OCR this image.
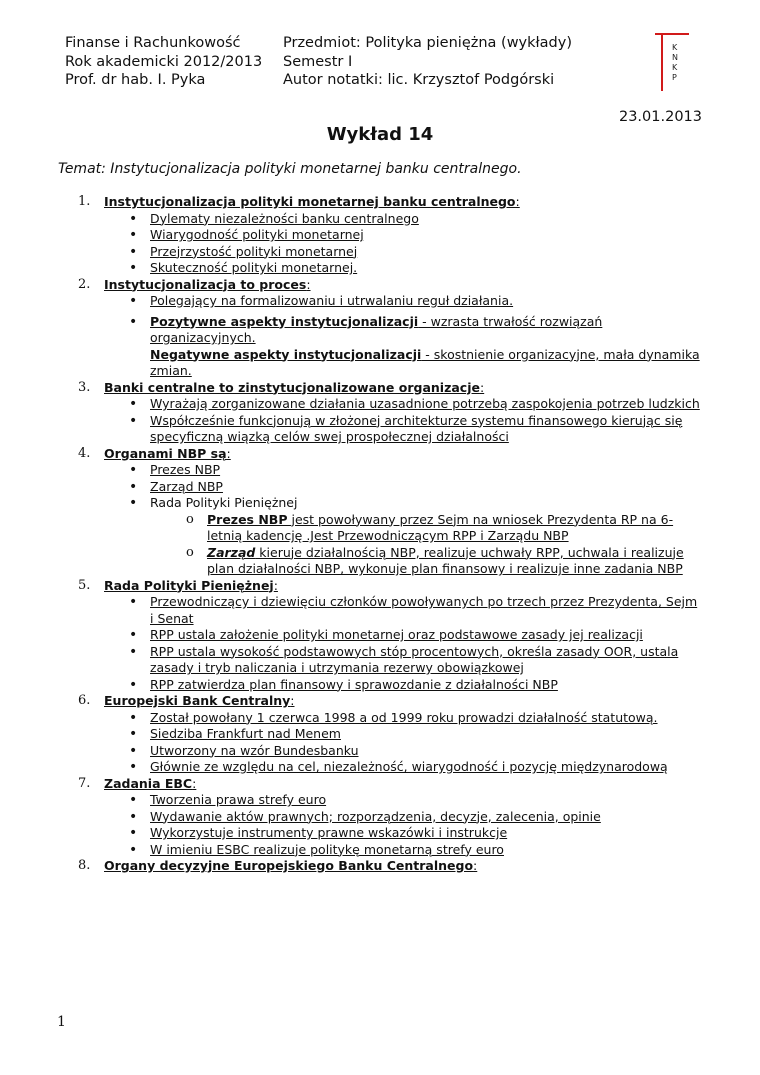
Finanse i Rachunkowość
Rok akademicki 2012/2013
Prof. dr hab. I. Pyka
Przedmiot: Polityka pieniężna (wykłady)
Semestr I
Autor notatki: lic. Krzysztof Podgórski
K
N
K
P
23.01.2013
Wykład 14
Temat: Instytucjonalizacja polityki monetarnej banku centralnego.
1. Instytucjonalizacja polityki monetarnej banku centralnego:
• Dylematy niezależności banku centralnego
• Wiarygodność polityki monetarnej
• Przejrzystość polityki monetarnej
• Skuteczność polityki monetarnej.
2. Instytucjonalizacja to proces:
• Polegający na formalizowaniu i utrwalaniu reguł działania.
• Pozytywne aspekty instytucjonalizacji - wzrasta trwałość rozwiązań organizacyjnych.
Negatywne aspekty instytucjonalizacji - skostnienie organizacyjne, mała dynamika zmian.
3. Banki centralne to zinstytucjonalizowane organizacje:
• Wyrażają zorganizowane działania uzasadnione potrzebą zaspokojenia potrzeb ludzkich
• Współcześnie funkcjonują w złożonej architekturze systemu finansowego kierując się specyficzną wiązką celów swej prospołecznej działalności
4. Organami NBP są:
• Prezes NBP
• Zarząd NBP
• Rada Polityki Pieniężnej
o Prezes NBP jest powoływany przez Sejm na wniosek Prezydenta RP na 6-letnią kadencję .Jest Przewodniczącym RPP i Zarządu NBP
o Zarząd kieruje działalnością NBP, realizuje uchwały RPP, uchwala i realizuje plan działalności NBP, wykonuje plan finansowy i realizuje inne zadania NBP
5. Rada Polityki Pieniężnej:
• Przewodniczący i dziewięciu członków powoływanych po trzech przez Prezydenta, Sejm i Senat
• RPP ustala założenie polityki monetarnej oraz podstawowe zasady jej realizacji
• RPP ustala wysokość podstawowych stóp procentowych, określa zasady OOR, ustala zasady i tryb naliczania i utrzymania rezerwy obowiązkowej
• RPP zatwierdza plan finansowy i sprawozdanie z działalności NBP
6. Europejski Bank Centralny:
• Został powołany 1 czerwca 1998 a od 1999 roku prowadzi działalność statutową.
• Siedziba Frankfurt nad Menem
• Utworzony na wzór Bundesbanku
• Głównie ze względu na cel, niezależność, wiarygodność i pozycję międzynarodową
7. Zadania EBC:
• Tworzenia prawa strefy euro
• Wydawanie aktów prawnych; rozporządzenia, decyzje, zalecenia, opinie
• Wykorzystuje instrumenty prawne wskazówki i instrukcje
• W imieniu ESBC realizuje politykę monetarną strefy euro
8. Organy decyzyjne Europejskiego Banku Centralnego:
1
